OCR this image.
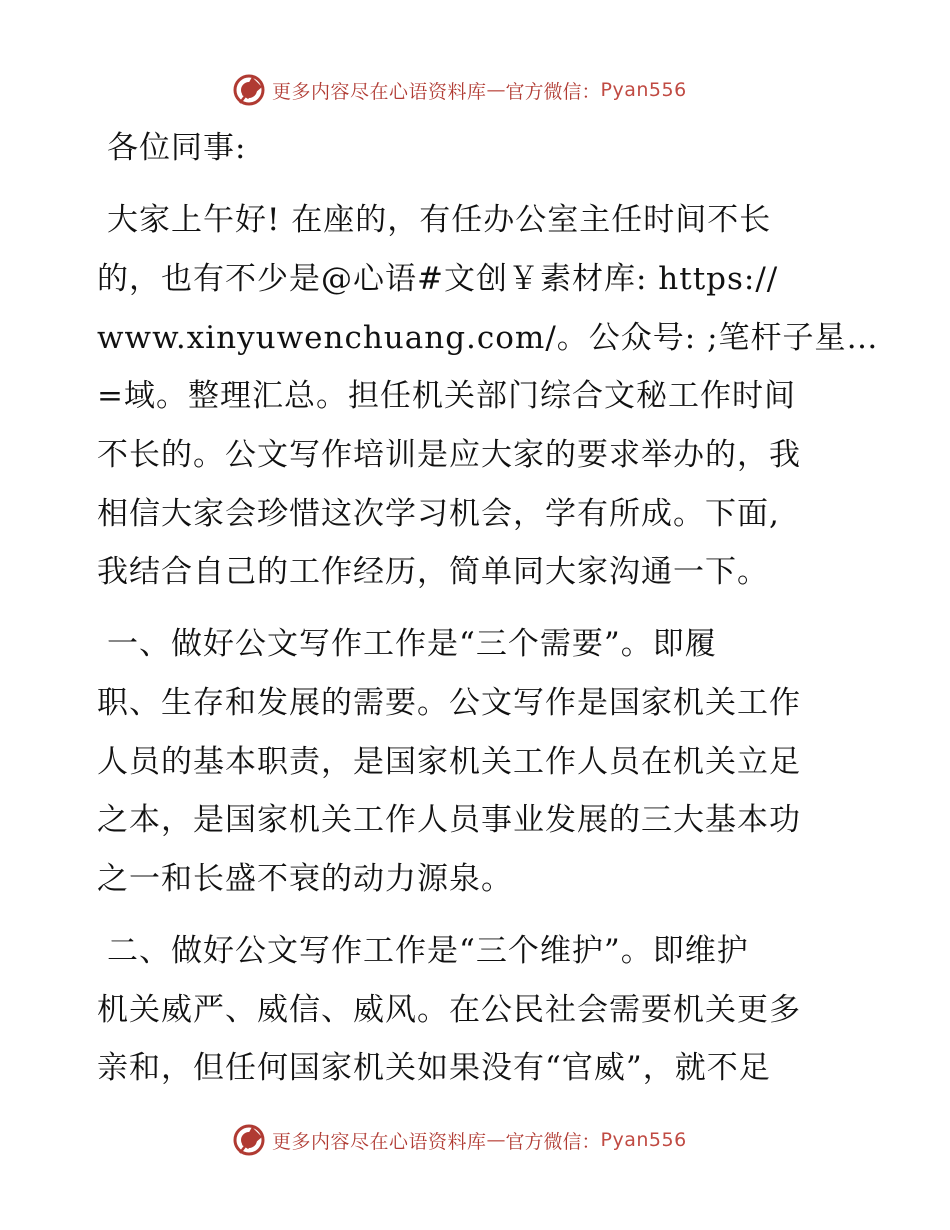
更多内容尽在心语资料库 — 官方微信： Pyan556
各位同事:
大家上午好! 在座的，有任办公室主任时间不长
的，也有不少是@心语#文创￥素材库: https://
www.xinyuwenchuang.com/。公众号: ;笔杆子星…
=域。整理汇总。担任机关部门综合文秘工作时间
不长的。公文写作培训是应大家的要求举办的，我
相信大家会珍惜这次学习机会，学有所成。下面,
我结合自己的工作经历，简单同大家沟通一下。
一、做好公文写作工作是“三个需要”。即履
职、生存和发展的需要。公文写作是国家机关工作
人员的基本职责，是国家机关工作人员在机关立足
之本，是国家机关工作人员事业发展的三大基本功
之一和长盛不衰的动力源泉。
二、做好公文写作工作是“三个维护”。即维护
机关威严、威信、威风。在公民社会需要机关更多
亲和，但任何国家机关如果没有“官威”，就不足
更多内容尽在心语资料库 — 官方微信： Pyan556
